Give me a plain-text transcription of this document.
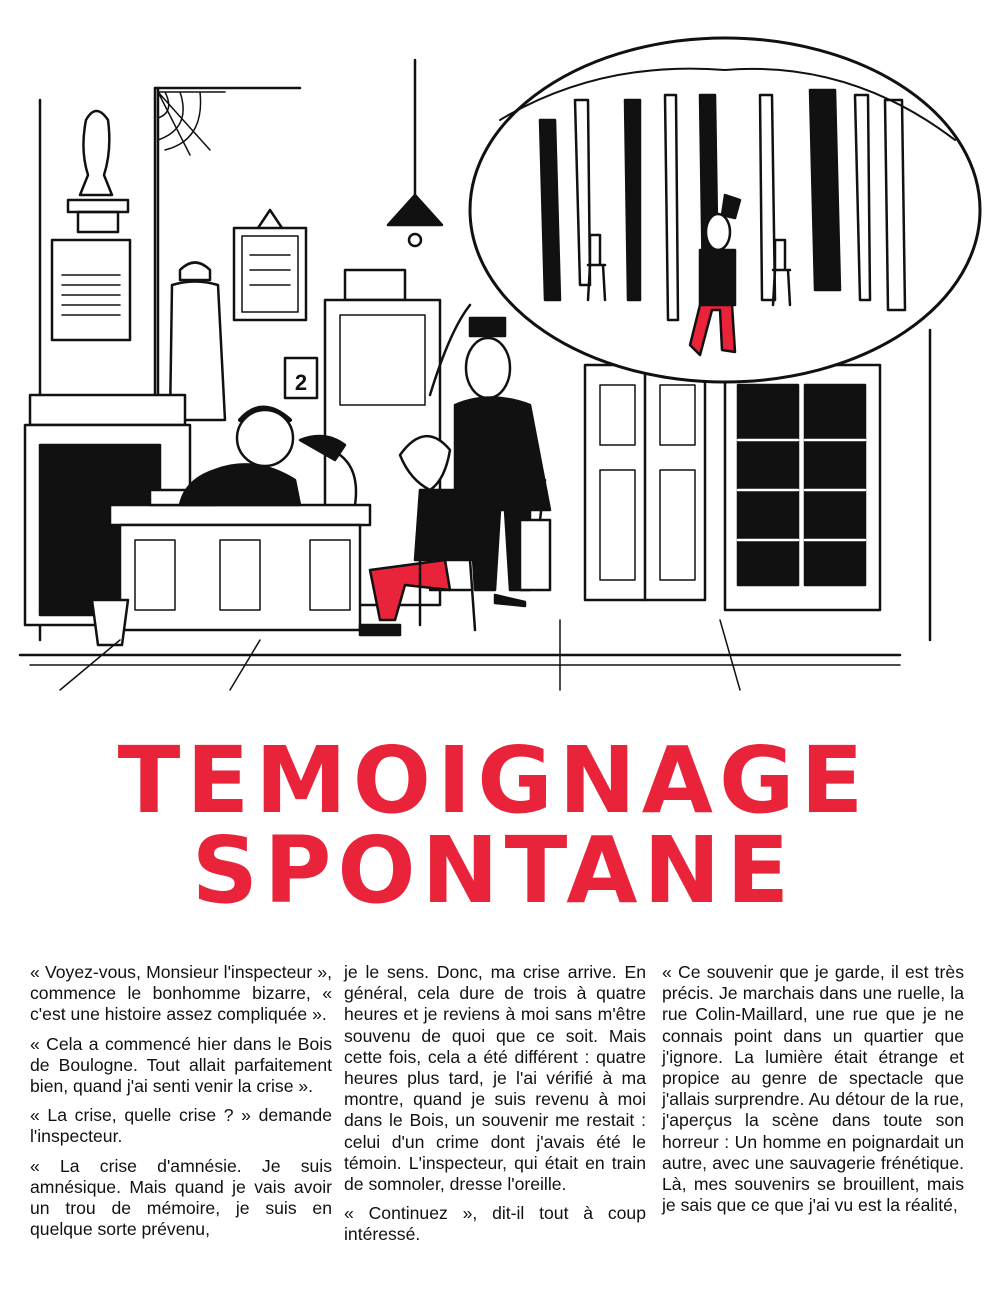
2
TEMOIGNAGE
SPONTANE

« Voyez-vous, Monsieur l'inspecteur », commence le bonhomme bizarre, « c'est une histoire assez compliquée ».

« Cela a commencé hier dans le Bois de Boulogne. Tout allait parfaitement bien, quand j'ai senti venir la crise ».

« La crise, quelle crise ? » demande l'inspecteur.

« La crise d'amnésie. Je suis amnésique. Mais quand je vais avoir un trou de mémoire, je suis en quelque sorte prévenu,

je le sens. Donc, ma crise arrive. En général, cela dure de trois à quatre heures et je reviens à moi sans m'être souvenu de quoi que ce soit. Mais cette fois, cela a été différent : quatre heures plus tard, je l'ai vérifié à ma montre, quand je suis revenu à moi dans le Bois, un souvenir me restait : celui d'un crime dont j'avais été le témoin. L'inspecteur, qui était en train de somnoler, dresse l'oreille.

« Continuez », dit-il tout à coup intéressé.

« Ce souvenir que je garde, il est très précis. Je marchais dans une ruelle, la rue Colin-Maillard, une rue que je ne connais point dans un quartier que j'ignore. La lumière était étrange et propice au genre de spectacle que j'allais surprendre. Au détour de la rue, j'aperçus la scène dans toute son horreur : Un homme en poignardait un autre, avec une sauvagerie frénétique. Là, mes souvenirs se brouillent, mais je sais que ce que j'ai vu est la réalité,
